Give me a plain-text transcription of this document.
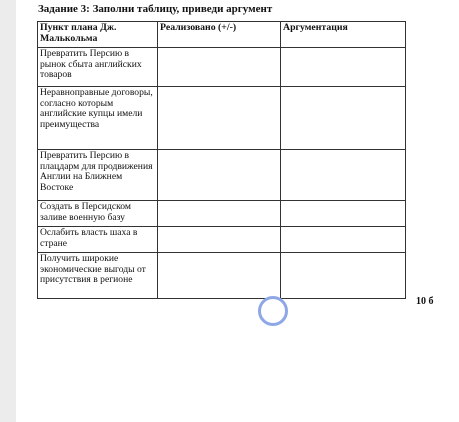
Задание 3: Заполни таблицу, приведи аргумент
Пункт плана Дж. Малькольма	Реализовано (+/-)	Аргументация
Превратить Персию в рынок сбыта английских товаров		
Неравноправные договоры, согласно которым английские купцы имели преимущества		
Превратить Персию в плацдарм для продвижения Англии на Ближнем Востоке		
Создать в Персидском заливе военную базу		
Ослабить власть шаха в стране		
Получить широкие экономические выгоды от присутствия в регионе		
10 б
